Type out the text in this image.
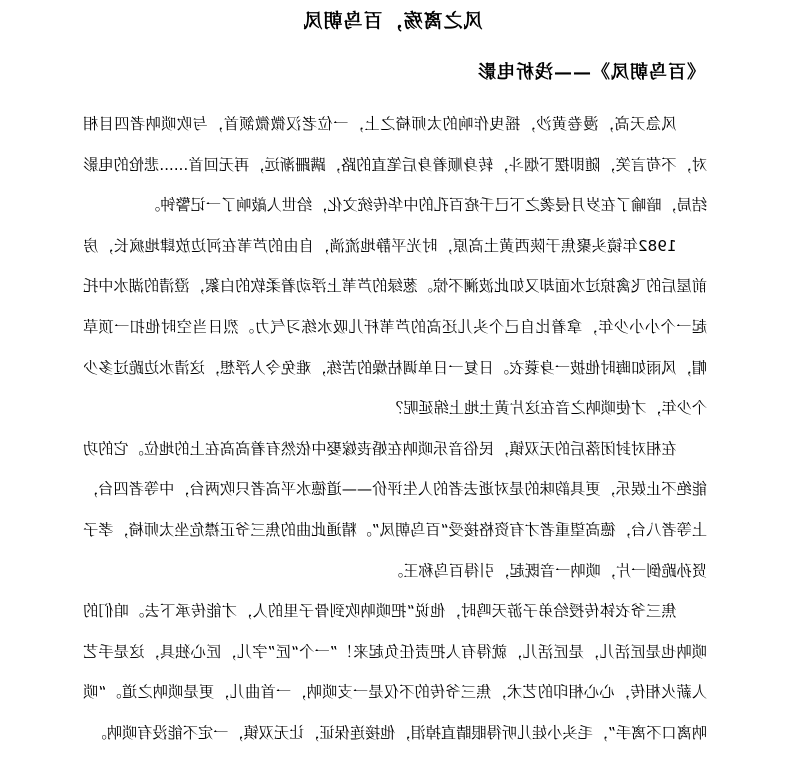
风之离殇，百鸟朝凤
《百鸟朝凤》——浅析电影

风急天高，漫卷黄沙，摇曳作响的太师椅之上，一位老汉微微颔首，与吹唢呐者四目相对，不苟言笑，随即摆下烟斗，转身顺着身后笔直的路，蹒跚渐远，再无回首......悲怆的电影结局，暗喻了在岁月侵袭之下已千疮百孔的中华传统文化，给世人敲响了一记警钟。

1982年镜头聚焦于陕西黄土高原，时光平静地流淌，自由的芦苇在河边放肆地疯长，房前屋后的飞禽掠过水面却又如此波澜不惊。葱绿的芦苇上浮动着柔软的白絮，澄清的湖水中托起一个小小少年，拿着比自己个头儿还高的芦苇杆儿吸水练习气力。烈日当空时他扣一顶草帽，风雨如晦时他披一身蓑衣。日复一日单调枯燥的苦练，难免令人浮想，这清水边跪过多少个少年，才使唢呐之音在这片黄土地上绵延呢？

在相对封闭落后的无双镇，民俗音乐唢呐在婚丧嫁娶中依然有着高高在上的地位。它的功能绝不止娱乐，更具韵味的是对逝去者的人生评价——道德水平高者只吹两台，中等者四台，上等者八台，德高望重者才有资格接受“百鸟朝凤”。精通此曲的焦三爷正襟危坐太师椅，孝子贤孙跪倒一片，唢呐一音既起，引得百鸟称王。

焦三爷衣钵传授给弟子游天鸣时，他说“把唢呐吹到骨子里的人，才能传承下去。咱们的唢呐也是匠活儿，是匠活儿，就得有人把责任负起来！”一个“匠”字儿，匠心独具，这是手艺人薪火相传，心心相印的艺术，焦三爷传的不仅是一支唢呐，一首曲儿，更是唢呐之道。“唢呐离口不离手”，毛头小娃儿听得眼睛直掉泪，他接连保证，让无双镇，一定不能没有唢呐。
